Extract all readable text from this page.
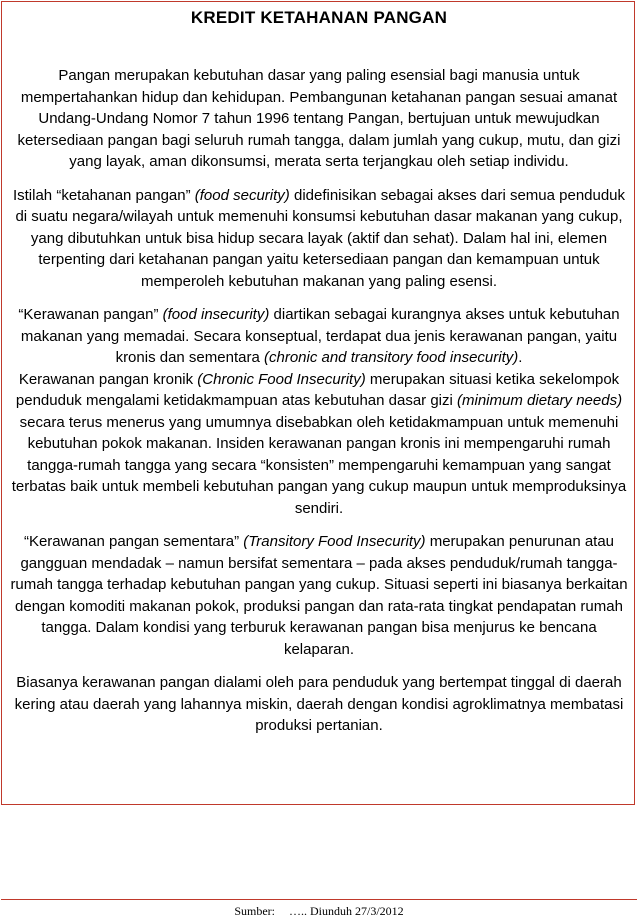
KREDIT KETAHANAN PANGAN

Pangan merupakan kebutuhan dasar yang paling esensial bagi manusia untuk mempertahankan hidup dan kehidupan. Pembangunan ketahanan pangan sesuai amanat Undang-Undang Nomor 7 tahun 1996 tentang Pangan, bertujuan untuk mewujudkan ketersediaan pangan bagi seluruh rumah tangga, dalam jumlah yang cukup, mutu, dan gizi yang layak, aman dikonsumsi, merata serta terjangkau oleh setiap individu.

Istilah “ketahanan pangan” (food security) didefinisikan sebagai akses dari semua penduduk di suatu negara/wilayah untuk memenuhi konsumsi kebutuhan dasar makanan yang cukup, yang dibutuhkan untuk bisa hidup secara layak (aktif dan sehat). Dalam hal ini, elemen terpenting dari ketahanan pangan yaitu ketersediaan pangan dan kemampuan untuk memperoleh kebutuhan makanan yang paling esensi.

“Kerawanan pangan” (food insecurity) diartikan sebagai kurangnya akses untuk kebutuhan makanan yang memadai. Secara konseptual, terdapat dua jenis kerawanan pangan, yaitu kronis dan sementara (chronic and transitory food insecurity).

Kerawanan pangan kronik (Chronic Food Insecurity) merupakan situasi ketika sekelompok penduduk mengalami ketidakmampuan atas kebutuhan dasar gizi (minimum dietary needs) secara terus menerus yang umumnya disebabkan oleh ketidakmampuan untuk memenuhi kebutuhan pokok makanan. Insiden kerawanan pangan kronis ini mempengaruhi rumah tangga-rumah tangga yang secara “konsisten” mempengaruhi kemampuan yang sangat terbatas baik untuk membeli kebutuhan pangan yang cukup maupun untuk memproduksinya sendiri.

“Kerawanan pangan sementara” (Transitory Food Insecurity) merupakan penurunan atau gangguan mendadak – namun bersifat sementara – pada akses penduduk/rumah tangga-rumah tangga terhadap kebutuhan pangan yang cukup. Situasi seperti ini biasanya berkaitan dengan komoditi makanan pokok, produksi pangan dan rata-rata tingkat pendapatan rumah tangga. Dalam kondisi yang terburuk kerawanan pangan bisa menjurus ke bencana kelaparan.

Biasanya kerawanan pangan dialami oleh para penduduk yang bertempat tinggal di daerah kering atau daerah yang lahannya miskin, daerah dengan kondisi agroklimatnya membatasi produksi pertanian.

Sumber: ….. Diunduh 27/3/2012
